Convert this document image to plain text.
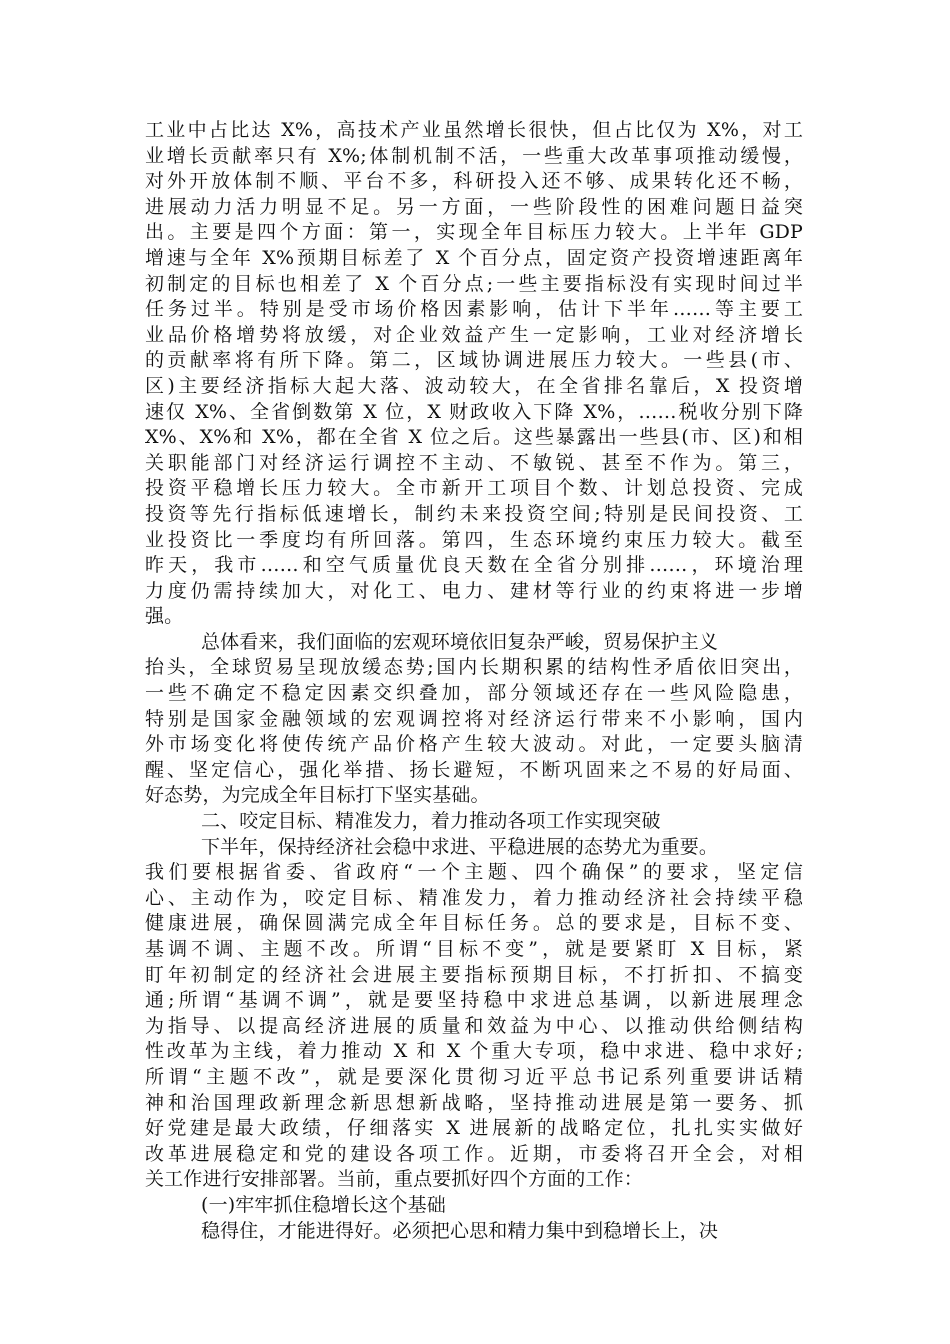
工业中占比达 X%，高技术产业虽然增长很快，但占比仅为 X%，对工
业增长贡献率只有 X%;体制机制不活，一些重大改革事项推动缓慢，
对外开放体制不顺、平台不多，科研投入还不够、成果转化还不畅，
进展动力活力明显不足。另一方面，一些阶段性的困难问题日益突
出。主要是四个方面：第一，实现全年目标压力较大。上半年 GDP
增速与全年 X%预期目标差了 X 个百分点，固定资产投资增速距离年
初制定的目标也相差了 X 个百分点;一些主要指标没有实现时间过半
任务过半。特别是受市场价格因素影响，估计下半年……等主要工
业品价格增势将放缓，对企业效益产生一定影响，工业对经济增长
的贡献率将有所下降。第二，区域协调进展压力较大。一些县(市、
区)主要经济指标大起大落、波动较大，在全省排名靠后，X 投资增
速仅 X%、全省倒数第 X 位，X 财政收入下降 X%，……税收分别下降
X%、X%和 X%，都在全省 X 位之后。这些暴露出一些县(市、区)和相
关职能部门对经济运行调控不主动、不敏锐、甚至不作为。第三，
投资平稳增长压力较大。全市新开工项目个数、计划总投资、完成
投资等先行指标低速增长，制约未来投资空间;特别是民间投资、工
业投资比一季度均有所回落。第四，生态环境约束压力较大。截至
昨天，我市……和空气质量优良天数在全省分别排……，环境治理
力度仍需持续加大，对化工、电力、建材等行业的约束将进一步增
强。
总体看来，我们面临的宏观环境依旧复杂严峻，贸易保护主义
抬头，全球贸易呈现放缓态势;国内长期积累的结构性矛盾依旧突出，
一些不确定不稳定因素交织叠加，部分领域还存在一些风险隐患，
特别是国家金融领域的宏观调控将对经济运行带来不小影响，国内
外市场变化将使传统产品价格产生较大波动。对此，一定要头脑清
醒、坚定信心，强化举措、扬长避短，不断巩固来之不易的好局面、
好态势，为完成全年目标打下坚实基础。
二、咬定目标、精准发力，着力推动各项工作实现突破
下半年，保持经济社会稳中求进、平稳进展的态势尤为重要。
我们要根据省委、省政府“一个主题、四个确保”的要求，坚定信
心、主动作为，咬定目标、精准发力，着力推动经济社会持续平稳
健康进展，确保圆满完成全年目标任务。总的要求是，目标不变、
基调不调、主题不改。所谓“目标不变”，就是要紧盯 X 目标，紧
盯年初制定的经济社会进展主要指标预期目标，不打折扣、不搞变
通;所谓“基调不调”，就是要坚持稳中求进总基调，以新进展理念
为指导、以提高经济进展的质量和效益为中心、以推动供给侧结构
性改革为主线，着力推动 X 和 X 个重大专项，稳中求进、稳中求好;
所谓“主题不改”，就是要深化贯彻习近平总书记系列重要讲话精
神和治国理政新理念新思想新战略，坚持推动进展是第一要务、抓
好党建是最大政绩，仔细落实 X 进展新的战略定位，扎扎实实做好
改革进展稳定和党的建设各项工作。近期，市委将召开全会，对相
关工作进行安排部署。当前，重点要抓好四个方面的工作：
(一)牢牢抓住稳增长这个基础
稳得住，才能进得好。必须把心思和精力集中到稳增长上，决
